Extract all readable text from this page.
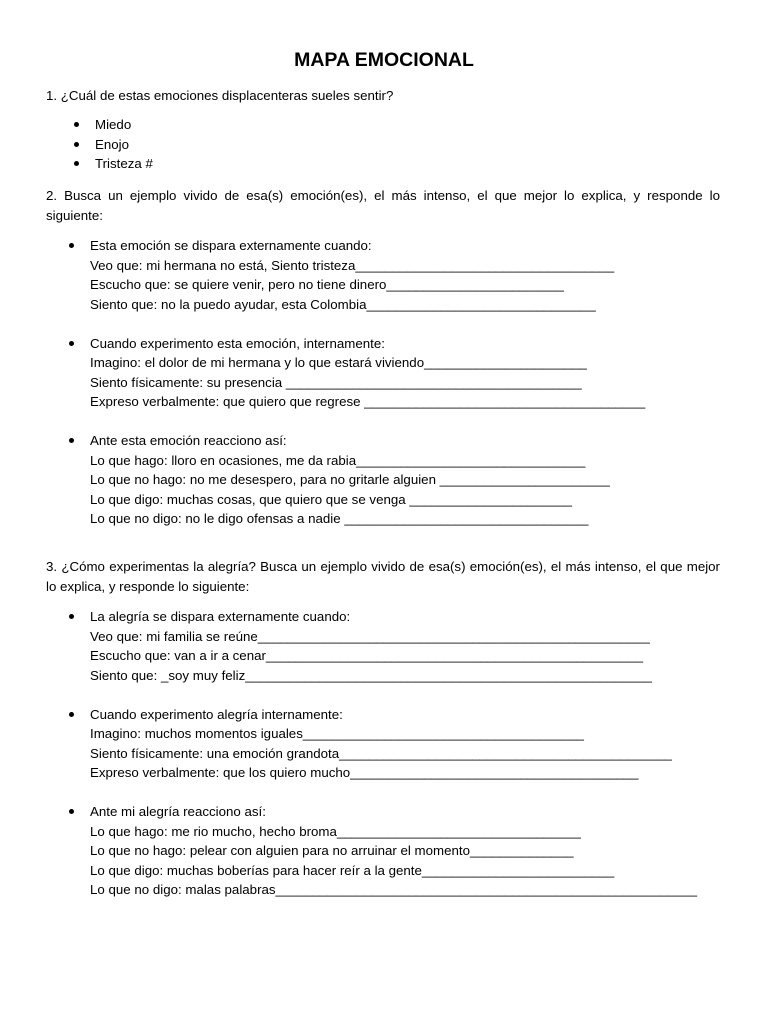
MAPA EMOCIONAL
1. ¿Cuál de estas emociones displacenteras sueles sentir?
Miedo
Enojo
Tristeza #
2. Busca un ejemplo vivido de esa(s) emoción(es), el más intenso, el que mejor lo explica, y responde lo siguiente:
Esta emoción se dispara externamente cuando:
Veo que: mi hermana no está, Siento tristeza___________________________________
Escucho que: se quiere venir, pero no tiene dinero________________________
Siento que: no la puedo ayudar, esta Colombia_______________________________
Cuando experimento esta emoción, internamente:
Imagino: el dolor de mi hermana y lo que estará viviendo______________________
Siento físicamente: su presencia ________________________________________
Expreso verbalmente: que quiero que regrese ______________________________________
Ante esta emoción reacciono así:
Lo que hago: lloro en ocasiones, me da rabia_______________________________
Lo que no hago: no me desespero, para no gritarle alguien _______________________
Lo que digo: muchas cosas, que quiero que se venga ______________________
Lo que no digo: no le digo ofensas a nadie _________________________________
3. ¿Cómo experimentas la alegría? Busca un ejemplo vivido de esa(s) emoción(es), el más intenso, el que mejor lo explica, y responde lo siguiente:
La alegría se dispara externamente cuando:
Veo que: mi familia se reúne_____________________________________________________
Escucho que: van a ir a cenar___________________________________________________
Siento que: _soy muy feliz_______________________________________________________
Cuando experimento alegría internamente:
Imagino: muchos momentos iguales______________________________________
Siento físicamente: una emoción grandota_____________________________________________
Expreso verbalmente: que los quiero mucho_______________________________________
Ante mi alegría reacciono así:
Lo que hago: me rio mucho, hecho broma_________________________________
Lo que no hago: pelear con alguien para no arruinar el momento______________
Lo que digo: muchas boberías para hacer reír a la gente__________________________
Lo que no digo: malas palabras_________________________________________________________
